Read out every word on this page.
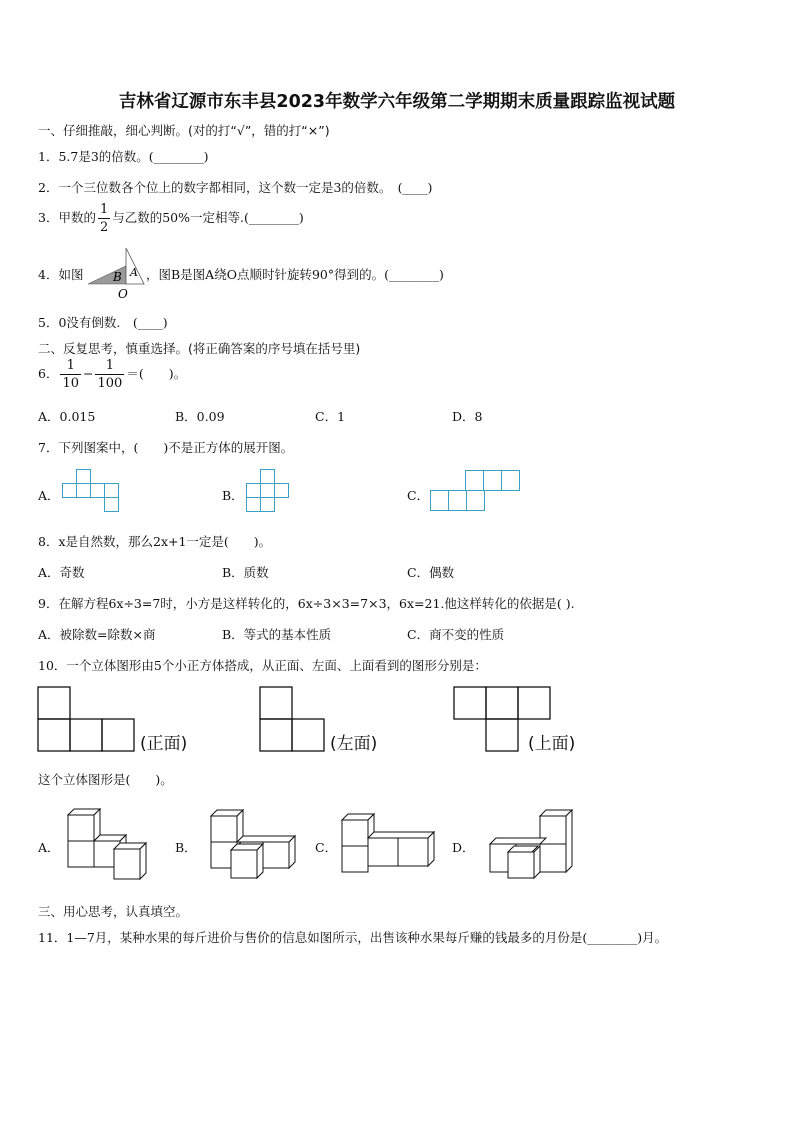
吉林省辽源市东丰县2023年数学六年级第二学期期末质量跟踪监视试题
一、仔细推敲，细心判断。(对的打“√”，错的打“×”)
1．5.7是3的倍数。(________)
2．一个三位数各个位上的数字都相同，这个数一定是3的倍数。　(____)
3．甲数的 $\frac{1}{2}$ 与乙数的50%一定相等.(________)
4．如图 B A
O
，图B是图A绕O点顺时针旋转90°得到的。(________)
5．0没有倒数.　(____)
二、反复思考，慎重选择。(将正确答案的序号填在括号里)
6． $\frac{1}{10} - \frac{1}{100}$ ＝(　　)。
A．0.015	B．0.09	C．1	D．8
7．下列图案中，(　　)不是正方体的展开图。
A．	B．	C．
8．x是自然数，那么2x+1一定是(　　)。
A．奇数	B．质数	C．偶数
9．在解方程6x÷3=7时，小方是这样转化的，6x÷3×3=7×3，6x=21.他这样转化的依据是( ).
A．被除数=除数×商	B．等式的基本性质	C．商不变的性质
10．一个立体图形由5个小正方体搭成，从正面、左面、上面看到的图形分别是：
(正面)	(左面)	(上面)
这个立体图形是(　　)。
A．	B．	C．	D．
三、用心思考，认真填空。
11．1—7月，某种水果的每斤进价与售价的信息如图所示，出售该种水果每斤赚的钱最多的月份是(________)月。
